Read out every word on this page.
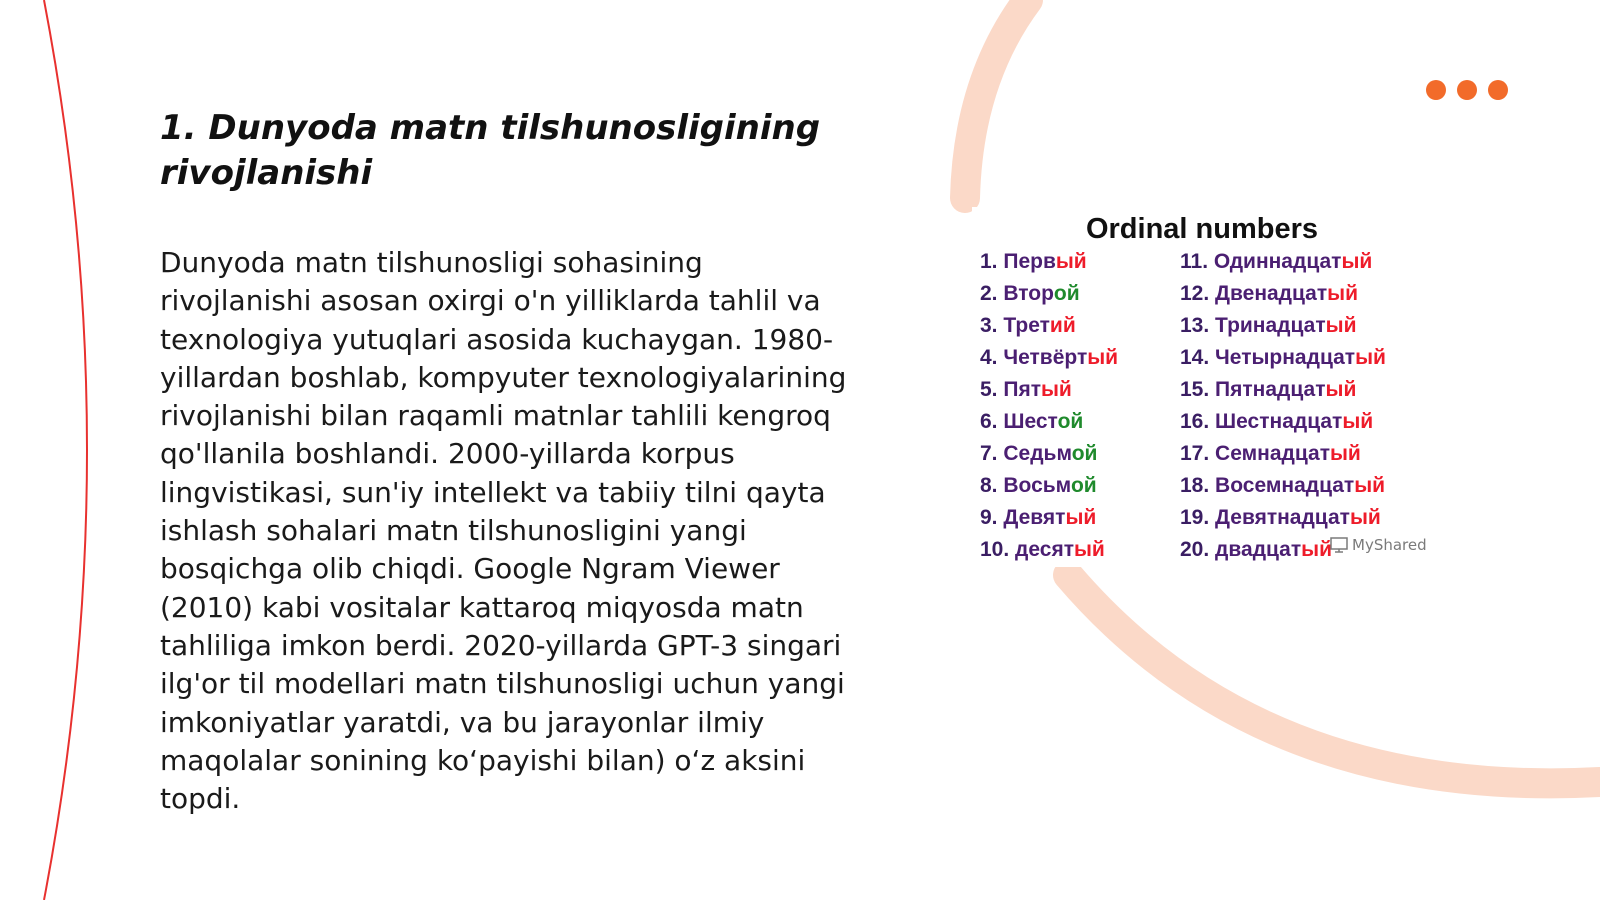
1. Dunyoda matn tilshunosligining rivojlanishi

Dunyoda matn tilshunosligi sohasining rivojlanishi asosan oxirgi o'n yilliklarda tahlil va texnologiya yutuqlari asosida kuchaygan. 1980-yillardan boshlab, kompyuter texnologiyalarining rivojlanishi bilan raqamli matnlar tahlili kengroq qo'llanila boshlandi. 2000-yillarda korpus lingvistikasi, sun'iy intellekt va tabiiy tilni qayta ishlash sohalari matn tilshunosligini yangi bosqichga olib chiqdi. Google Ngram Viewer (2010) kabi vositalar kattaroq miqyosda matn tahliliga imkon berdi. 2020-yillarda GPT-3 singari ilg'or til modellari matn tilshunosligi uchun yangi imkoniyatlar yaratdi, va bu jarayonlar ilmiy maqolalar sonining ko‘payishi bilan) o‘z aksini topdi.

Ordinal numbers
1. Первый
2. Второй
3. Третий
4. Четвёртый
5. Пятый
6. Шестой
7. Седьмой
8. Восьмой
9. Девятый
10. десятый
11. Одиннадцатый
12. Двенадцатый
13. Тринадцатый
14. Четырнадцатый
15. Пятнадцатый
16. Шестнадцатый
17. Семнадцатый
18. Восемнадцатый
19. Девятнадцатый
20. двадцатый	MyShared
